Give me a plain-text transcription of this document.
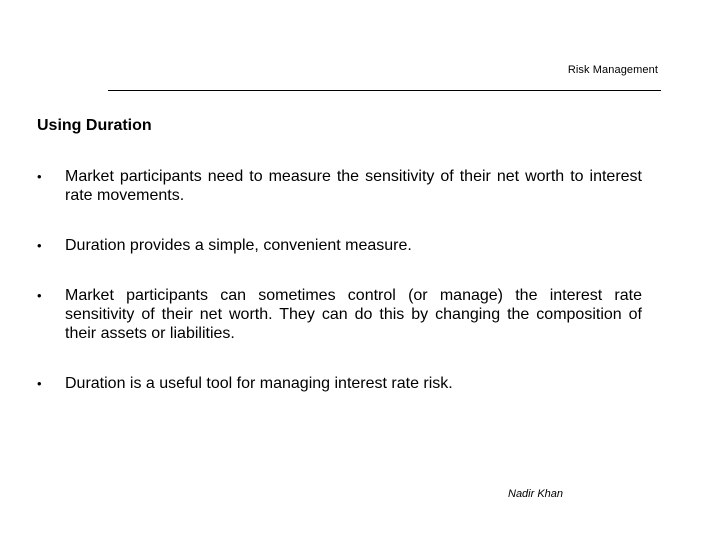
Risk Management
Using Duration
•	Market participants need to measure the sensitivity of their net worth to interest rate movements.
•	Duration provides a simple, convenient measure.
•	Market participants can sometimes control (or manage) the interest rate sensitivity of their net worth. They can do this by changing the composition of their assets or liabilities.
•	Duration is a useful tool for managing interest rate risk.
Nadir Khan
